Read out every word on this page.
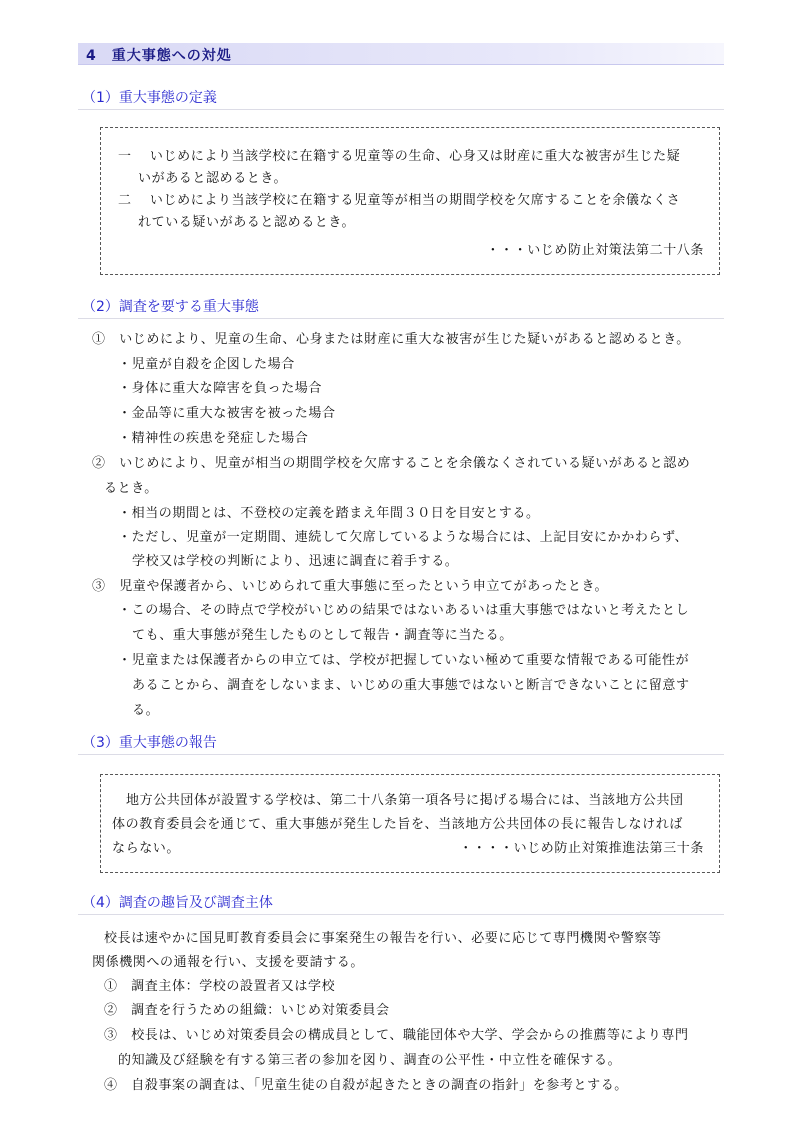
4　重大事態への対処
（1）重大事態の定義
一　 いじめにより当該学校に在籍する児童等の生命、心身又は財産に重大な被害が生じた疑
いがあると認めるとき。
二　 いじめにより当該学校に在籍する児童等が相当の期間学校を欠席することを余儀なくさ
れている疑いがあると認めるとき。
・・・いじめ防止対策法第二十八条
（2）調査を要する重大事態
①　いじめにより、児童の生命、心身または財産に重大な被害が生じた疑いがあると認めるとき。
・児童が自殺を企図した場合
・身体に重大な障害を負った場合
・金品等に重大な被害を被った場合
・精神性の疾患を発症した場合
②　いじめにより、児童が相当の期間学校を欠席することを余儀なくされている疑いがあると認め
るとき。
・相当の期間とは、不登校の定義を踏まえ年間３０日を目安とする。
・ただし、児童が一定期間、連続して欠席しているような場合には、上記目安にかかわらず、
学校又は学校の判断により、迅速に調査に着手する。
③　児童や保護者から、いじめられて重大事態に至ったという申立てがあったとき。
・この場合、その時点で学校がいじめの結果ではないあるいは重大事態ではないと考えたとし
ても、重大事態が発生したものとして報告・調査等に当たる。
・児童または保護者からの申立ては、学校が把握していない極めて重要な情報である可能性が
あることから、調査をしないまま、いじめの重大事態ではないと断言できないことに留意す
る。
（3）重大事態の報告
地方公共団体が設置する学校は、第二十八条第一項各号に掲げる場合には、当該地方公共団
体の教育委員会を通じて、重大事態が発生した旨を、当該地方公共団体の長に報告しなければ
ならない。	・・・・いじめ防止対策推進法第三十条
（4）調査の趣旨及び調査主体
校長は速やかに国見町教育委員会に事案発生の報告を行い、必要に応じて専門機関や警察等
関係機関への通報を行い、支援を要請する。
①　調査主体：学校の設置者又は学校
②　調査を行うための組織：いじめ対策委員会
③　校長は、いじめ対策委員会の構成員として、職能団体や大学、学会からの推薦等により専門
的知識及び経験を有する第三者の参加を図り、調査の公平性・中立性を確保する。
④　自殺事案の調査は、「児童生徒の自殺が起きたときの調査の指針」を参考とする。
